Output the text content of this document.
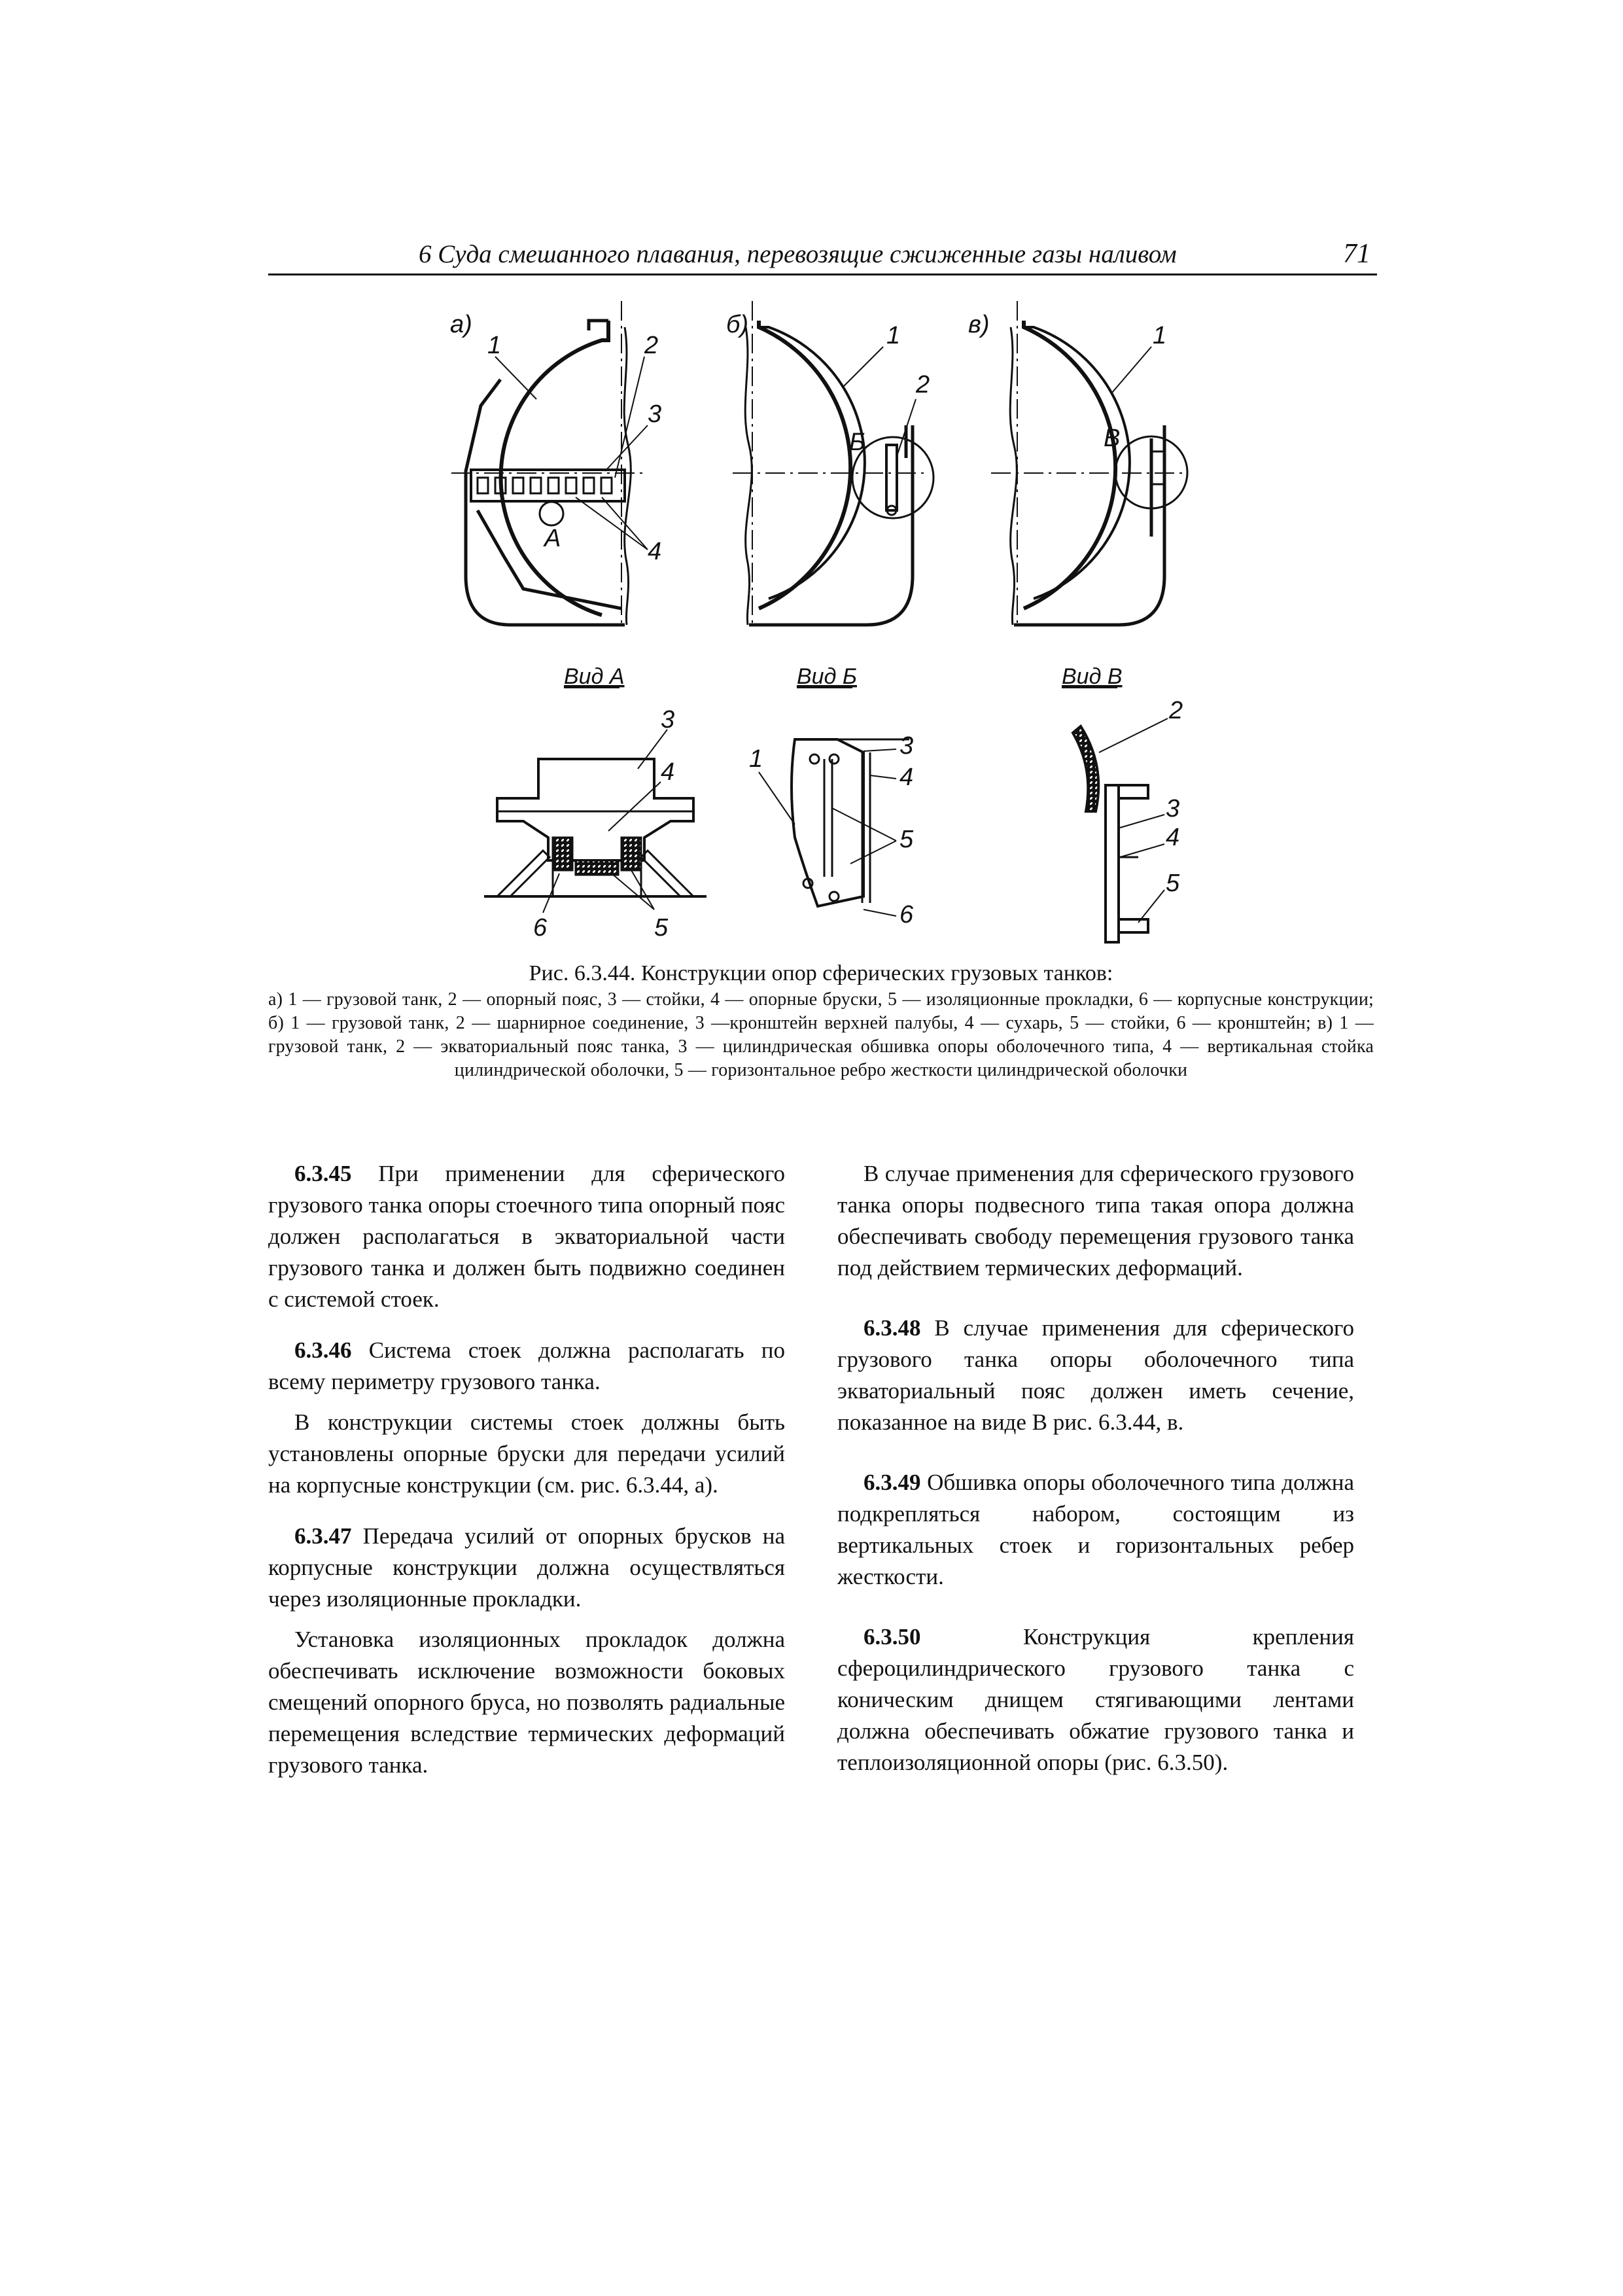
6 Суда смешанного плавания, перевозящие сжиженные газы наливом	71
а)
А
1	2
3
4
б)
Б
1
2
в)
В
1
Вид А	Вид Б	Вид В
3
4
5
6
1	3
4
5
6
2
3
4
5
Рис. 6.3.44. Конструкции опор сферических грузовых танков:
а) 1 — грузовой танк, 2 — опорный пояс, 3 — стойки, 4 — опорные бруски, 5 — изоляционные прокладки, 6 — корпусные конструкции; б) 1 — грузовой танк, 2 — шарнирное соединение, 3 —кронштейн верхней палубы, 4 — сухарь, 5 — стойки, 6 — кронштейн; в) 1 — грузовой танк, 2 — экваториальный пояс танка, 3 — цилиндрическая обшивка опоры оболочечного типа, 4 — вертикальная стойка цилиндрической оболочки, 5 — горизонтальное ребро жесткости цилиндрической оболочки

6.3.45 При применении для сферического грузового танка опоры стоечного типа опорный пояс должен располагаться в экваториальной части грузового танка и должен быть подвижно соединен с системой стоек.

6.3.46 Система стоек должна располагать по всему периметру грузового танка.

В конструкции системы стоек должны быть установлены опорные бруски для передачи усилий на корпусные конструкции (см. рис. 6.3.44, а).

6.3.47 Передача усилий от опорных брусков на корпусные конструкции должна осуществляться через изоляционные прокладки.

Установка изоляционных прокладок должна обеспечивать исключение возможности боковых смещений опорного бруса, но позволять радиальные перемещения вследствие термических деформаций грузового танка.

В случае применения для сферического грузового танка опоры подвесного типа такая опора должна обеспечивать свободу перемещения грузового танка под действием термических деформаций.

6.3.48 В случае применения для сферического грузового танка опоры оболочечного типа экваториальный пояс должен иметь сечение, показанное на виде В рис. 6.3.44, в.

6.3.49 Обшивка опоры оболочечного типа должна подкрепляться набором, состоящим из вертикальных стоек и горизонтальных ребер жесткости.

6.3.50	Конструкция крепления сфероцилиндрического грузового танка с коническим днищем стягивающими лентами должна обеспечивать обжатие грузового танка и теплоизоляционной опоры (рис. 6.3.50).
